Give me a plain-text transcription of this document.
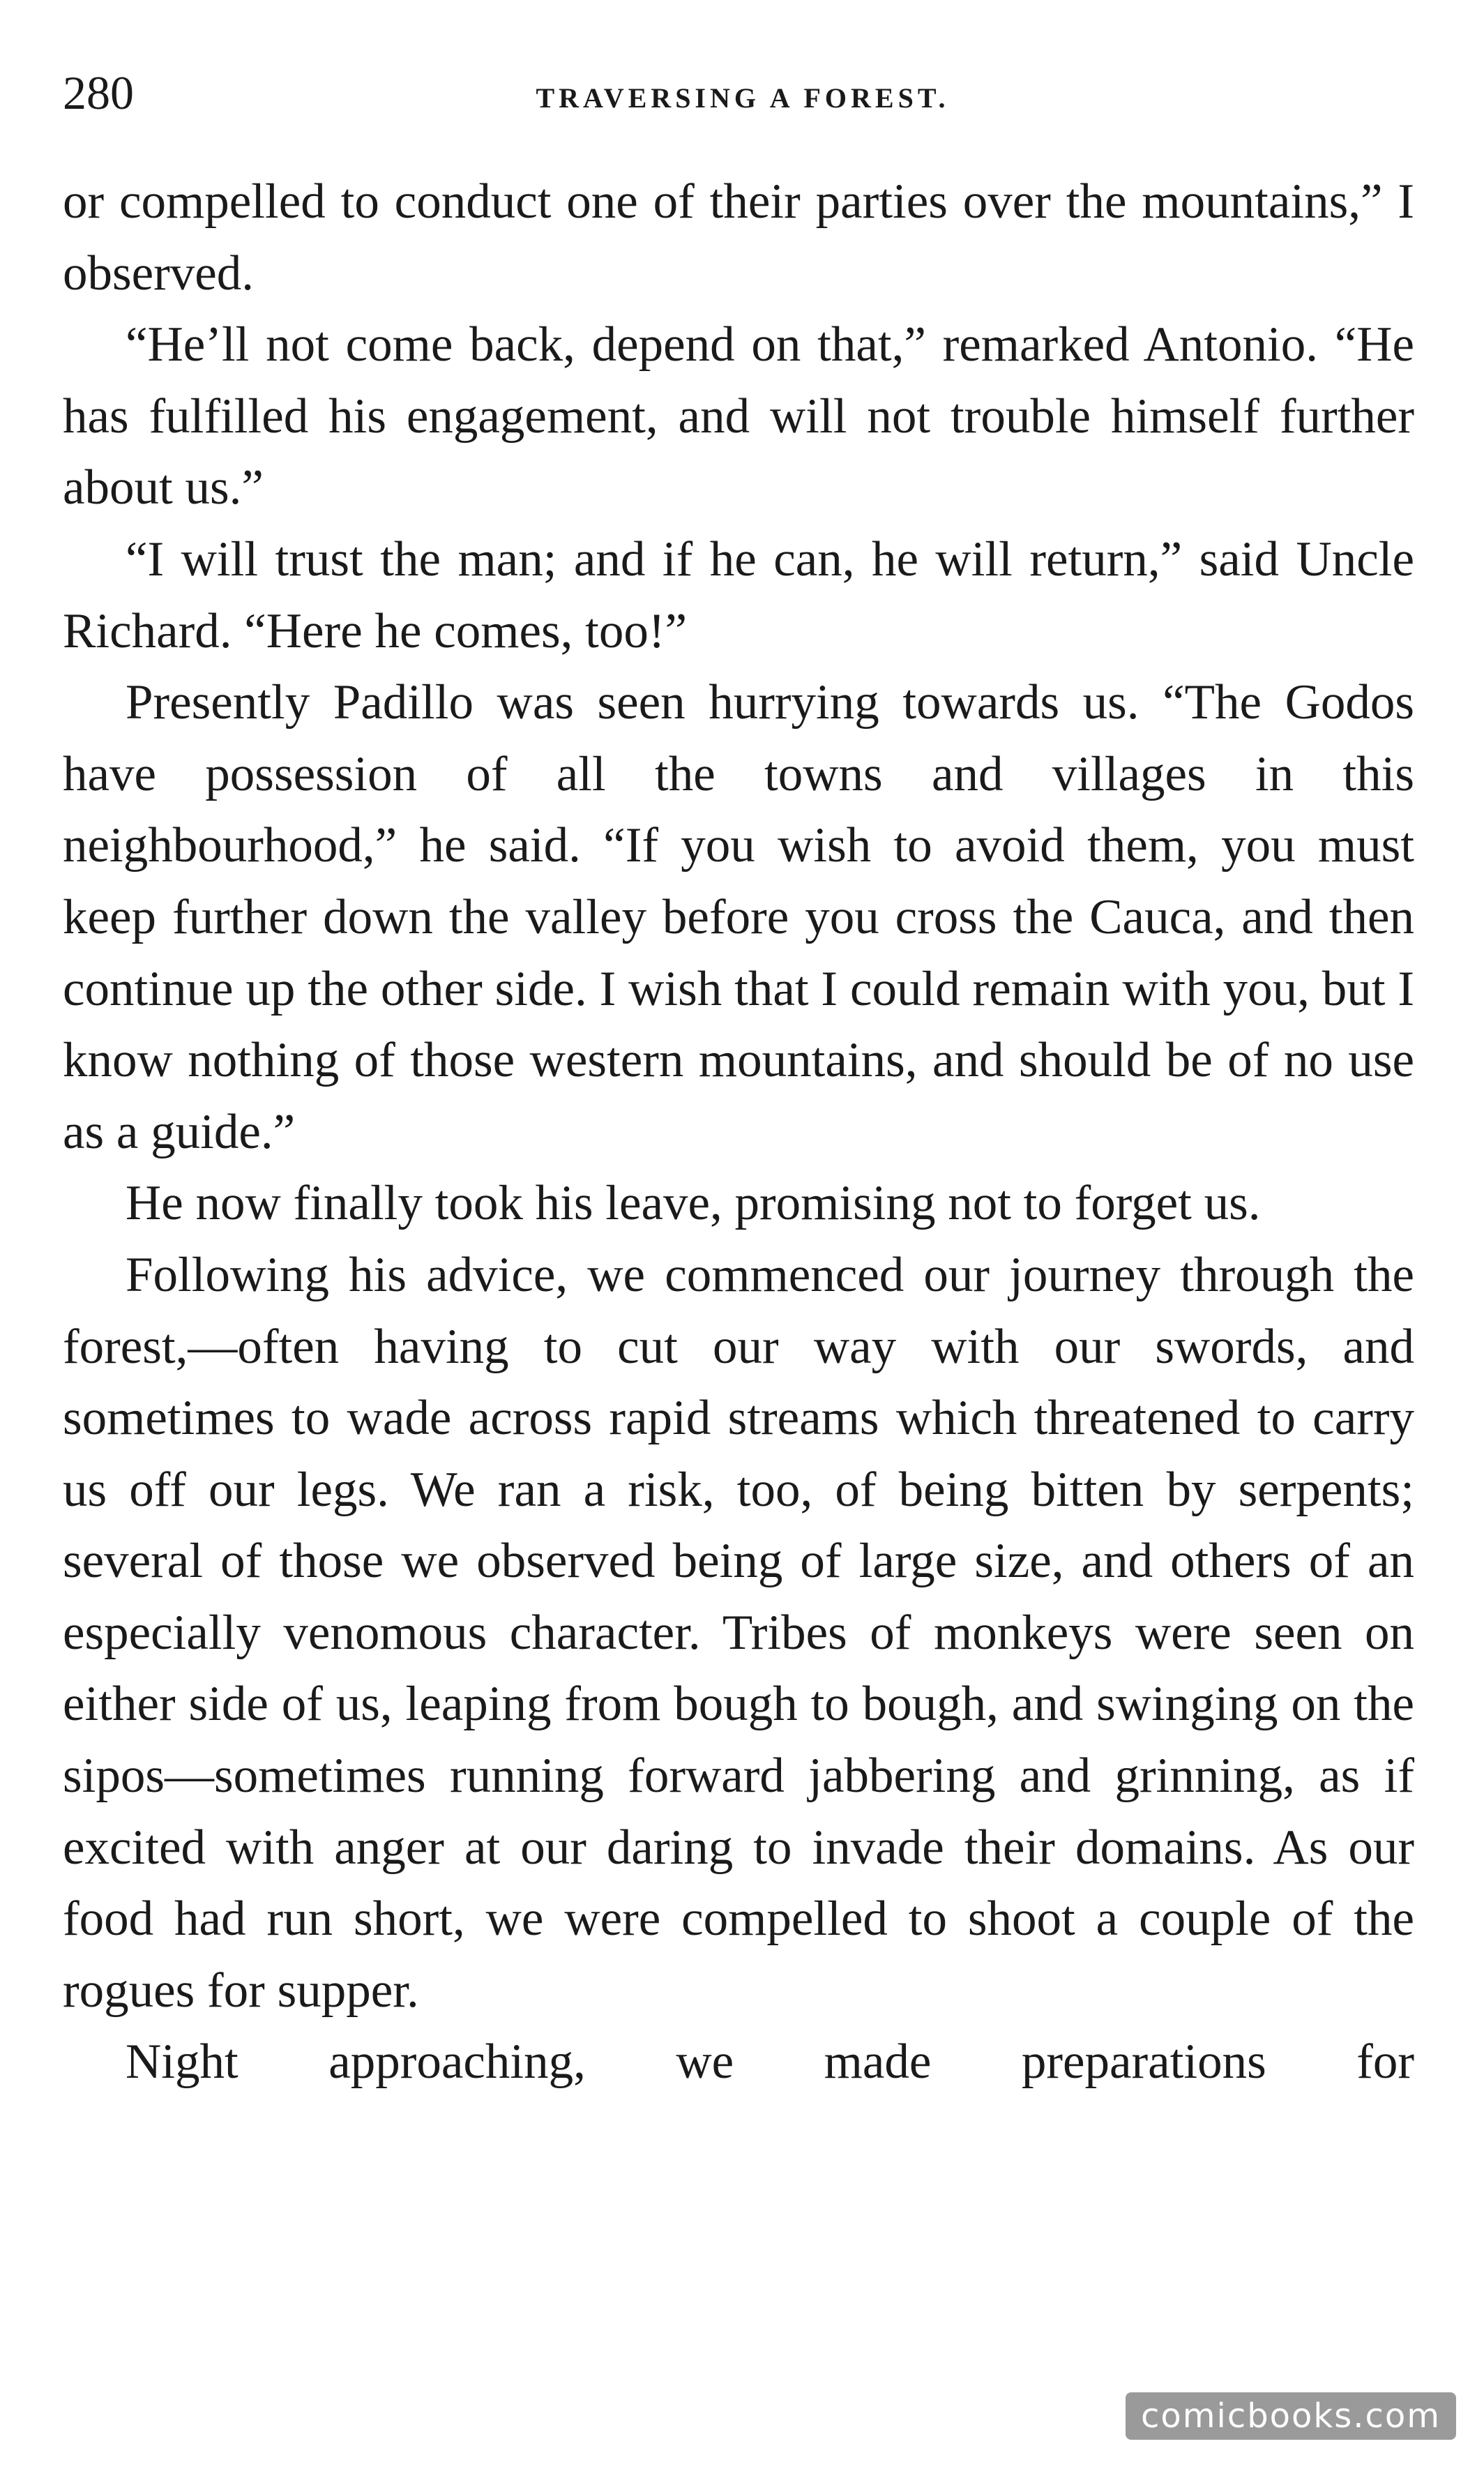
280	TRAVERSING A FOREST.

or compelled to conduct one of their parties over the mountains,” I observed.

“He’ll not come back, depend on that,” remarked Antonio. “He has fulfilled his engagement, and will not trouble himself further about us.”

“I will trust the man; and if he can, he will return,” said Uncle Richard. “Here he comes, too!”

Presently Padillo was seen hurrying towards us. “The Godos have possession of all the towns and villages in this neighbourhood,” he said. “If you wish to avoid them, you must keep further down the valley before you cross the Cauca, and then continue up the other side. I wish that I could remain with you, but I know nothing of those western mountains, and should be of no use as a guide.”

He now finally took his leave, promising not to forget us.

Following his advice, we commenced our journey through the forest,—often having to cut our way with our swords, and sometimes to wade across rapid streams which threatened to carry us off our legs. We ran a risk, too, of being bitten by serpents; several of those we observed being of large size, and others of an especially venomous character. Tribes of monkeys were seen on either side of us, leaping from bough to bough, and swinging on the sipos—sometimes running forward jabbering and grinning, as if excited with anger at our daring to invade their domains. As our food had run short, we were compelled to shoot a couple of the rogues for supper.

Night approaching, we made preparations for

comicbooks.com
